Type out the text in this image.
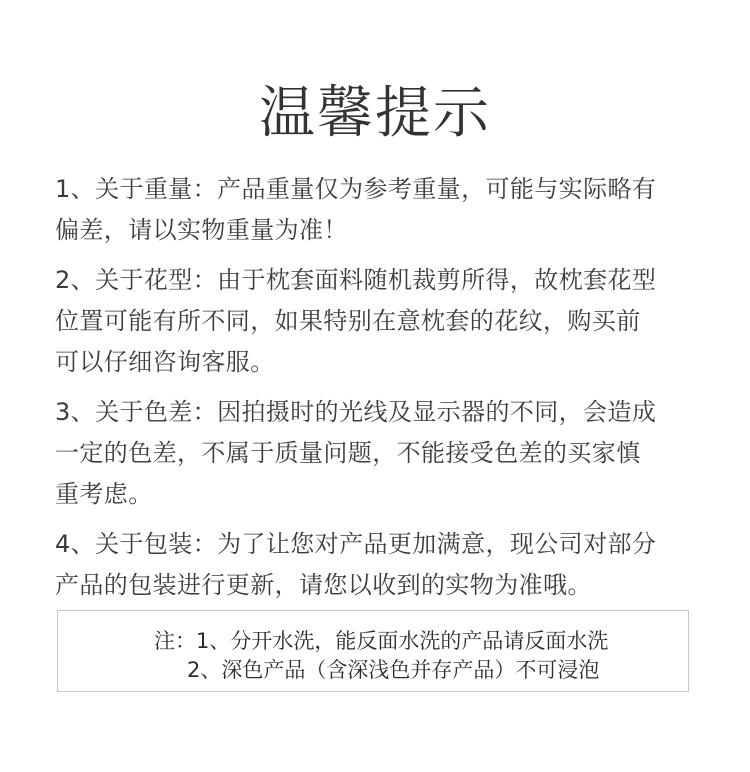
温馨提示
1、关于重量：产品重量仅为参考重量，可能与实际略有
偏差，请以实物重量为准！
2、关于花型：由于枕套面料随机裁剪所得，故枕套花型
位置可能有所不同，如果特别在意枕套的花纹，购买前
可以仔细咨询客服。
3、关于色差：因拍摄时的光线及显示器的不同，会造成
一定的色差，不属于质量问题，不能接受色差的买家慎
重考虑。
4、关于包装：为了让您对产品更加满意，现公司对部分
产品的包装进行更新，请您以收到的实物为准哦。
注：1、分开水洗，能反面水洗的产品请反面水洗
2、深色产品（含深浅色并存产品）不可浸泡
